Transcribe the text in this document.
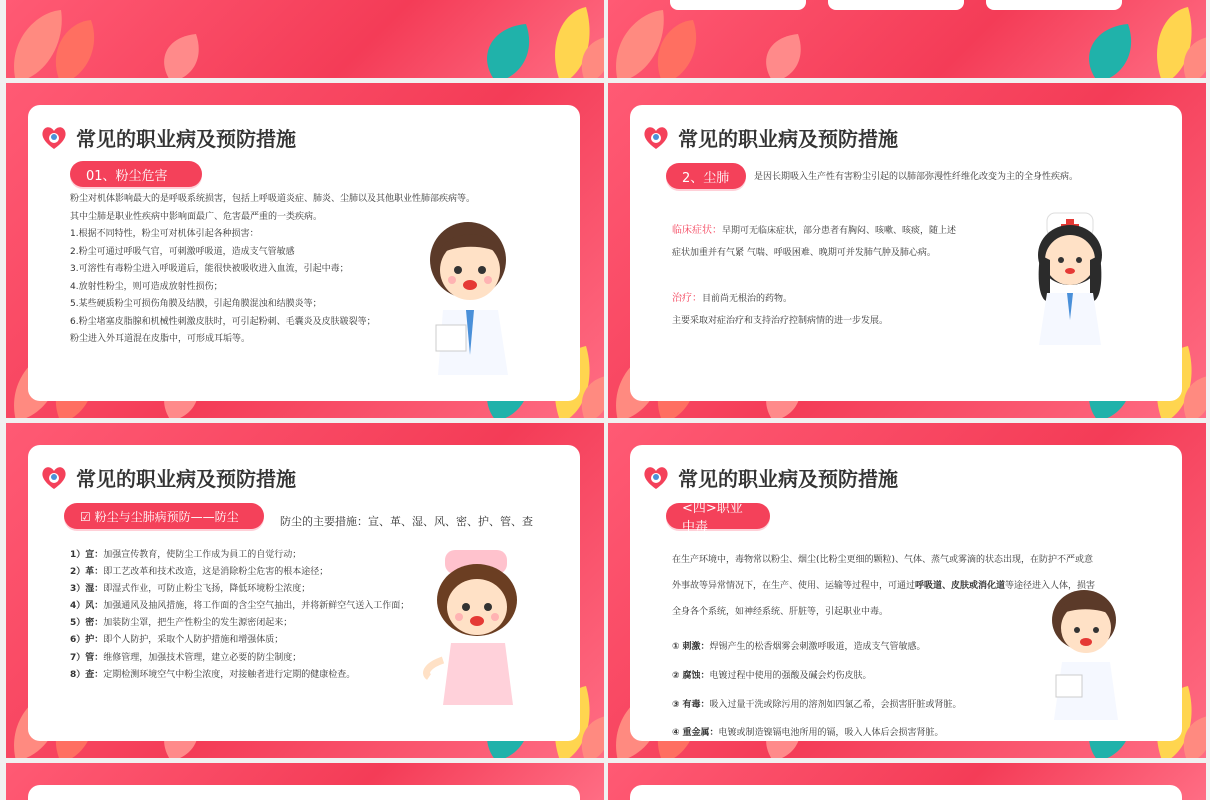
常见的职业病及预防措施
01、粉尘危害
粉尘对机体影响最大的是呼吸系统损害，包括上呼吸道炎症、肺炎、尘肺以及其他职业性肺部疾病等。
其中尘肺是职业性疾病中影响面最广、危害最严重的一类疾病。
1.根据不同特性，粉尘可对机体引起各种损害：
2.粉尘可通过呼吸气官，可刺激呼吸道，造成支气管敏感
3.可溶性有毒粉尘进入呼吸道后，能很快被吸收进入血流，引起中毒；
4.放射性粉尘，则可造成放射性损伤；
5.某些硬质粉尘可损伤角膜及结膜，引起角膜混浊和结膜炎等；
6.粉尘堵塞皮脂腺和机械性刺激皮肤时，可引起粉刺、毛囊炎及皮肤皲裂等；
粉尘进入外耳道混在皮脂中，可形成耳垢等。
常见的职业病及预防措施
2、尘肺	是因长期吸入生产性有害粉尘引起的以肺部弥漫性纤维化改变为主的全身性疾病。
临床症状：早期可无临床症状，部分患者有胸闷、咳嗽、咳痰，随上述
症状加重并有气紧 气喘、呼吸困难、晚期可并发肺气肿及肺心病。
治疗：目前尚无根治的药物。
主要采取对症治疗和支持治疗控制病情的进一步发展。
常见的职业病及预防措施
☑ 粉尘与尘肺病预防——防尘	防尘的主要措施：宣、革、湿、风、密、护、管、查
1）宣：加强宣传教育，使防尘工作成为員工的自觉行动；
2）革：即工艺改革和技术改造，这是消除粉尘危害的根本途径；
3）湿：即湿式作业，可防止粉尘飞扬，降低环境粉尘浓度；
4）风：加强通风及抽风措施，将工作面的含尘空气抽出，并将新鲜空气送入工作面；
5）密：加装防尘罩，把生产性粉尘的发生源密闭起来；
6）护：即个人防护，采取个人防护措施和增强体质；
7）管：维修管理，加强技术管理，建立必要的防尘制度；
8）查：定期检测环境空气中粉尘浓度，对接触者进行定期的健康检查。
常见的职业病及预防措施
<四>职业中毒
在生产环境中，毒物常以粉尘、烟尘(比粉尘更细的颗粒)、气体、蒸气或雾滴的状态出现，在防护不严或意
外事故等异常情况下，在生产、使用、运输等过程中，可通过呼吸道、皮肤或消化道等途径进入人体，损害
全身各个系统，如神经系统、肝脏等，引起职业中毒。
① 刺激：焊锡产生的松香烟雾会刺激呼吸道，造成支气管敏感。
② 腐蚀：电镀过程中使用的强酸及碱会灼伤皮肤。
③ 有毒：吸入过量干洗或除污用的溶剂如四氯乙希，会损害肝脏或肾脏。
④ 重金属：电镀或制造镍镉电池所用的镉，吸入人体后会损害肾脏。
